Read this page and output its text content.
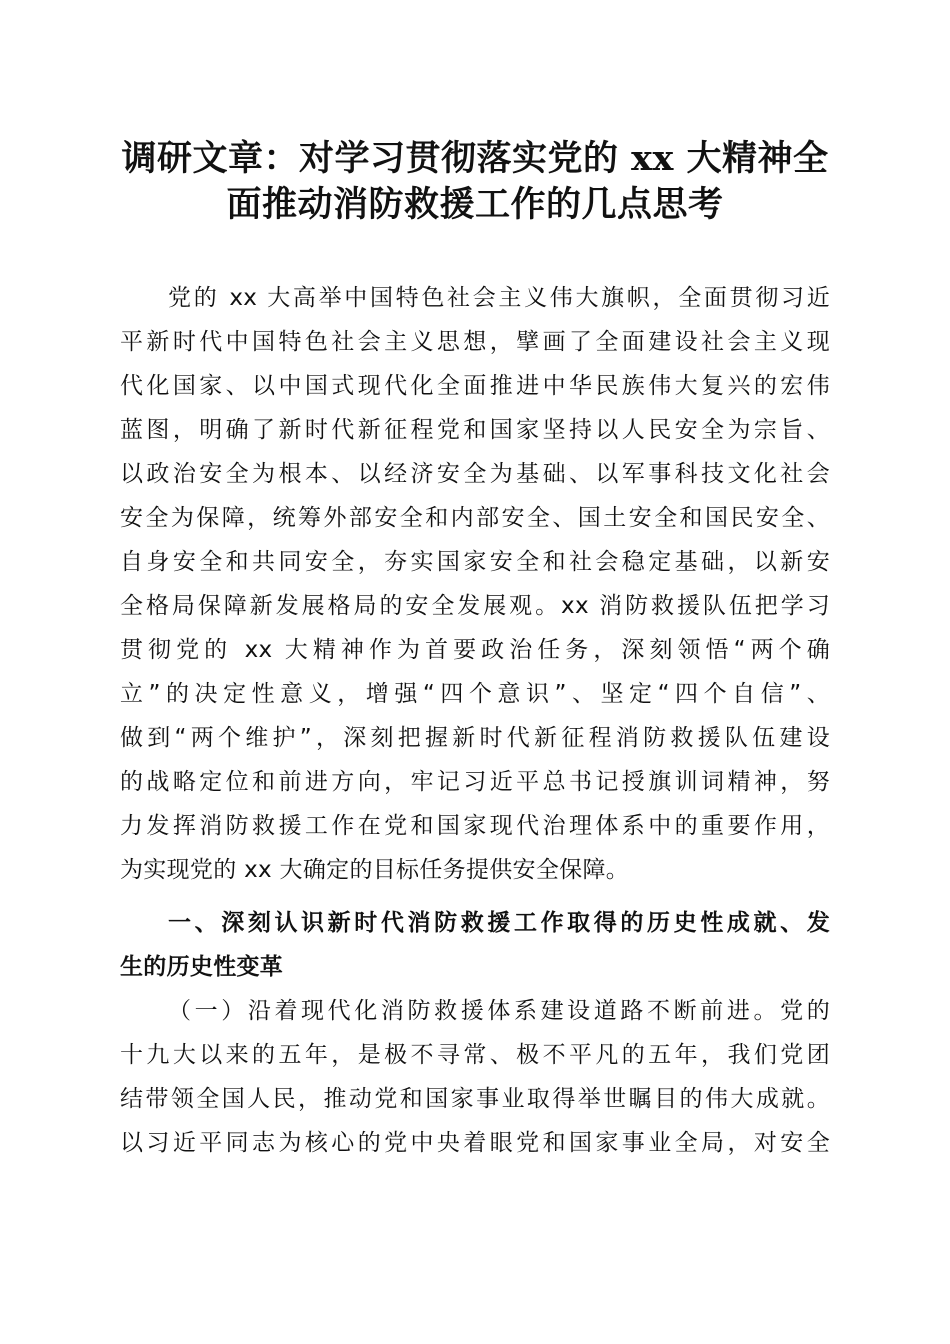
调研文章：对学习贯彻落实党的 xx 大精神全
面推动消防救援工作的几点思考
党的 xx 大高举中国特色社会主义伟大旗帜，全面贯彻习近
平新时代中国特色社会主义思想，擘画了全面建设社会主义现
代化国家、以中国式现代化全面推进中华民族伟大复兴的宏伟
蓝图，明确了新时代新征程党和国家坚持以人民安全为宗旨、
以政治安全为根本、以经济安全为基础、以军事科技文化社会
安全为保障，统筹外部安全和内部安全、国土安全和国民安全、
自身安全和共同安全，夯实国家安全和社会稳定基础，以新安
全格局保障新发展格局的安全发展观。xx 消防救援队伍把学习
贯彻党的 xx 大精神作为首要政治任务，深刻领悟“两个确
立”的决定性意义，增强“四个意识”、坚定“四个自信”、
做到“两个维护”，深刻把握新时代新征程消防救援队伍建设
的战略定位和前进方向，牢记习近平总书记授旗训词精神，努
力发挥消防救援工作在党和国家现代治理体系中的重要作用，
为实现党的 xx 大确定的目标任务提供安全保障。
一、深刻认识新时代消防救援工作取得的历史性成就、发
生的历史性变革
（一）沿着现代化消防救援体系建设道路不断前进。党的
十九大以来的五年，是极不寻常、极不平凡的五年，我们党团
结带领全国人民，推动党和国家事业取得举世瞩目的伟大成就。
以习近平同志为核心的党中央着眼党和国家事业全局，对安全
